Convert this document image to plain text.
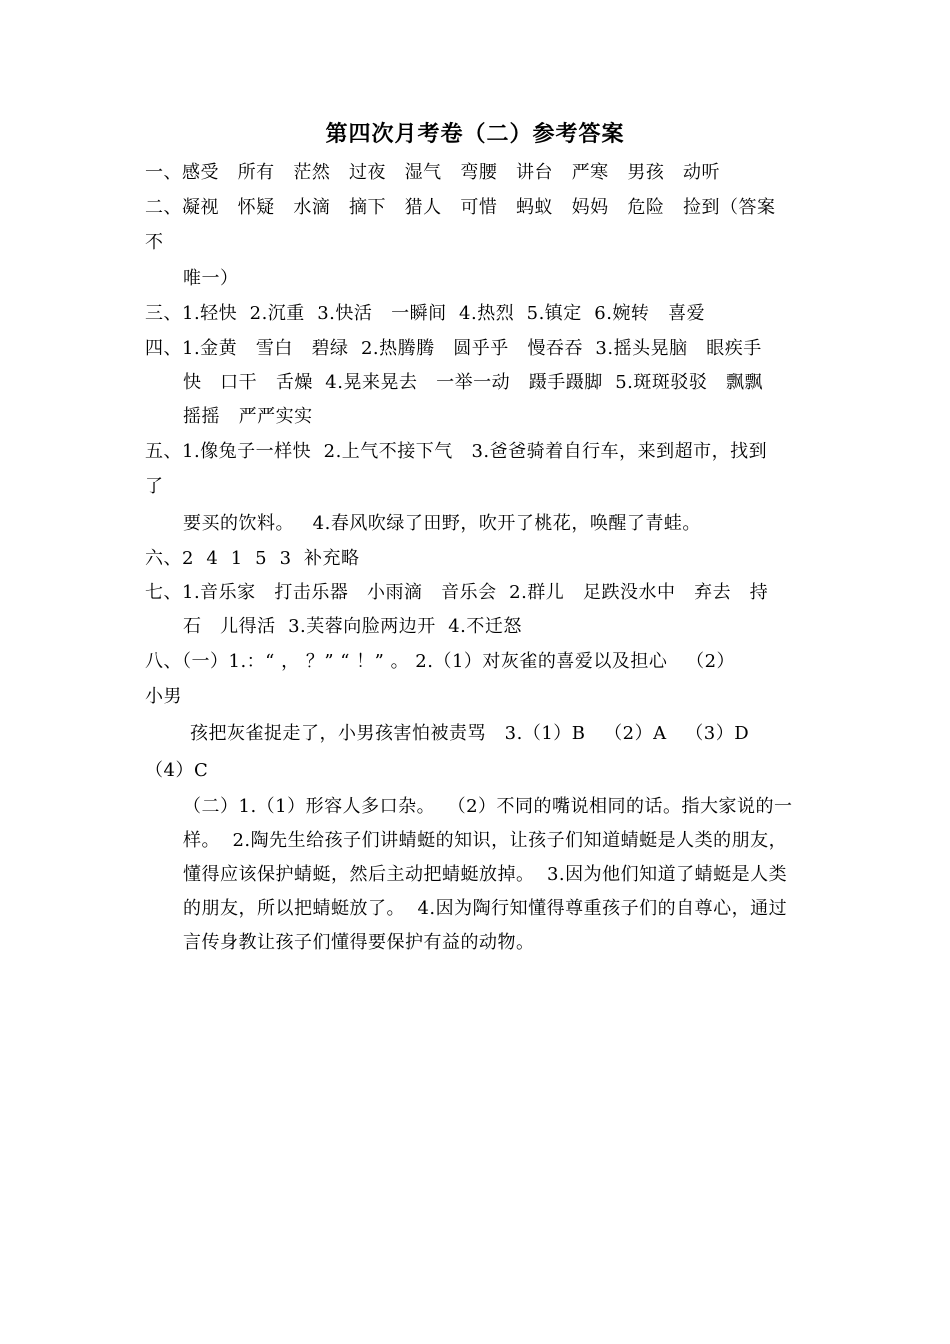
第四次月考卷（二）参考答案
一、感受   所有   茫然   过夜   湿气   弯腰   讲台   严寒   男孩   动听
二、凝视   怀疑   水滴   摘下   猎人   可惜   蚂蚁   妈妈   危险   捡到（答案
不
唯一）
三、1.轻快  2.沉重  3.快活   一瞬间  4.热烈  5.镇定  6.婉转   喜爱
四、1.金黄   雪白   碧绿  2.热腾腾   圆乎乎   慢吞吞  3.摇头晃脑   眼疾手
快   口干   舌燥  4.晃来晃去   一举一动   蹑手蹑脚  5.斑斑驳驳   飘飘
摇摇   严严实实
五、1.像兔子一样快  2.上气不接下气   3.爸爸骑着自行车，来到超市，找到
了
要买的饮料。   4.春风吹绿了田野，吹开了桃花，唤醒了青蛙。
六、2  4  1  5  3  补充略
七、1.音乐家   打击乐器   小雨滴   音乐会  2.群儿   足跌没水中   弃去   持
石   儿得活  3.芙蓉向脸两边开  4.不迁怒
八、（一）1.：“ ， ？” “ ！” 。 2.（1）对灰雀的喜爱以及担心   （2）
小男
孩把灰雀捉走了，小男孩害怕被责骂   3.（1）B   （2）A   （3）D
（4）C
（二）1.（1）形容人多口杂。  （2）不同的嘴说相同的话。指大家说的一
样。  2.陶先生给孩子们讲蜻蜓的知识，让孩子们知道蜻蜓是人类的朋友，
懂得应该保护蜻蜓，然后主动把蜻蜓放掉。  3.因为他们知道了蜻蜓是人类
的朋友，所以把蜻蜓放了。  4.因为陶行知懂得尊重孩子们的自尊心，通过
言传身教让孩子们懂得要保护有益的动物。
